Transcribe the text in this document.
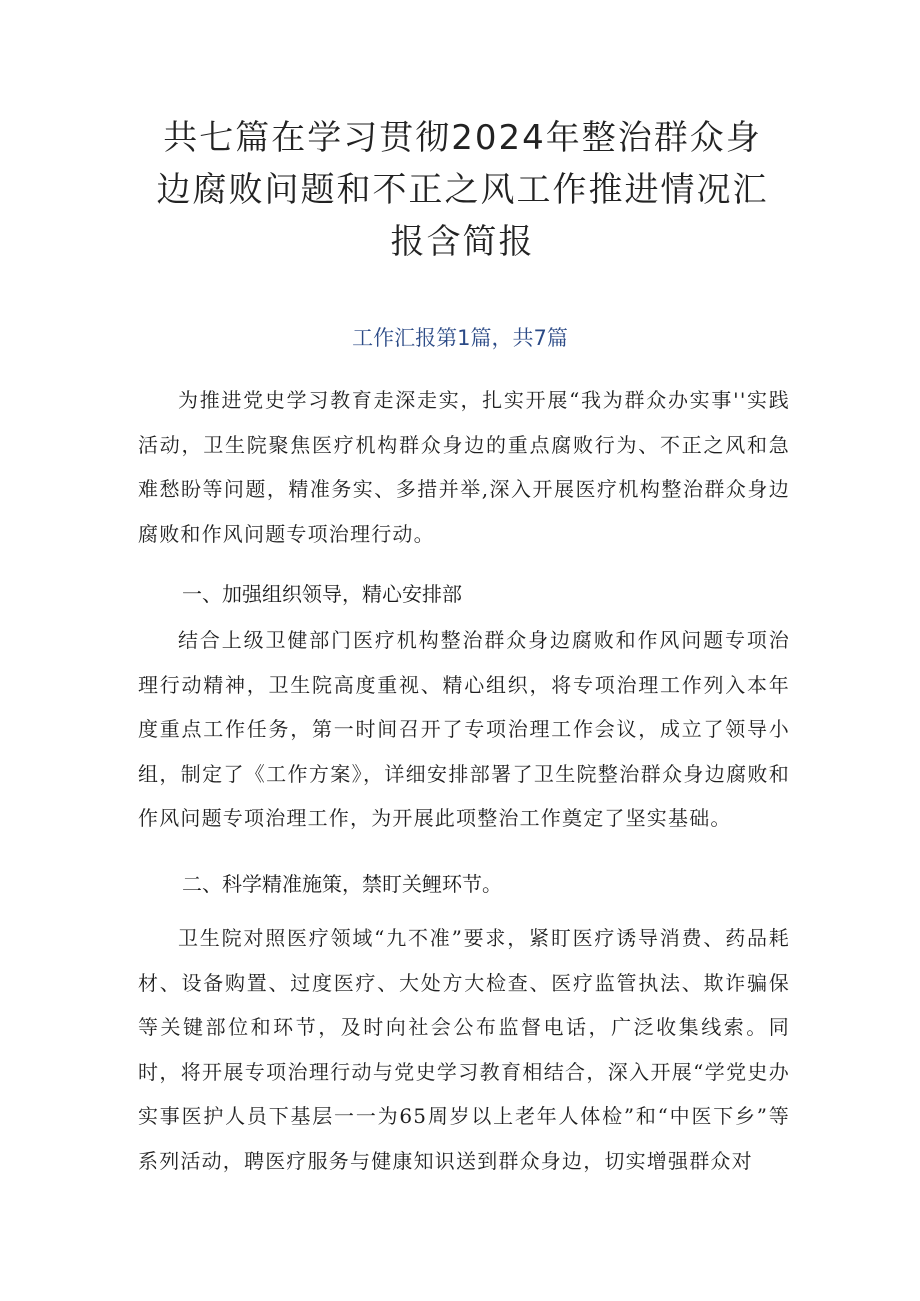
共七篇在学习贯彻2024年整治群众身边腐败问题和不正之风工作推进情况汇报含简报
工作汇报第1篇，共7篇

为推进党史学习教育走深走实，扎实开展“我为群众办实事''实践活动，卫生院聚焦医疗机构群众身边的重点腐败行为、不正之风和急难愁盼等问题，精准务实、多措并举,深入开展医疗机构整治群众身边腐败和作风问题专项治理行动。

一、加强组织领导，精心安排部

结合上级卫健部门医疗机构整治群众身边腐败和作风问题专项治理行动精神，卫生院高度重视、精心组织，将专项治理工作列入本年度重点工作任务，第一时间召开了专项治理工作会议，成立了领导小组，制定了《工作方案》，详细安排部署了卫生院整治群众身边腐败和作风问题专项治理工作，为开展此项整治工作奠定了坚实基础。

二、科学精准施策，禁盯关鲤环节。

卫生院对照医疗领域“九不准”要求，紧盯医疗诱导消费、药品耗材、设备购置、过度医疗、大处方大检查、医疗监管执法、欺诈骗保等关键部位和环节，及时向社会公布监督电话，广泛收集线索。同时，将开展专项治理行动与党史学习教育相结合，深入开展“学党史办实事医护人员下基层一一为65周岁以上老年人体检”和“中医下乡”等系列活动，聘医疗服务与健康知识送到群众身边，切实增强群众对
